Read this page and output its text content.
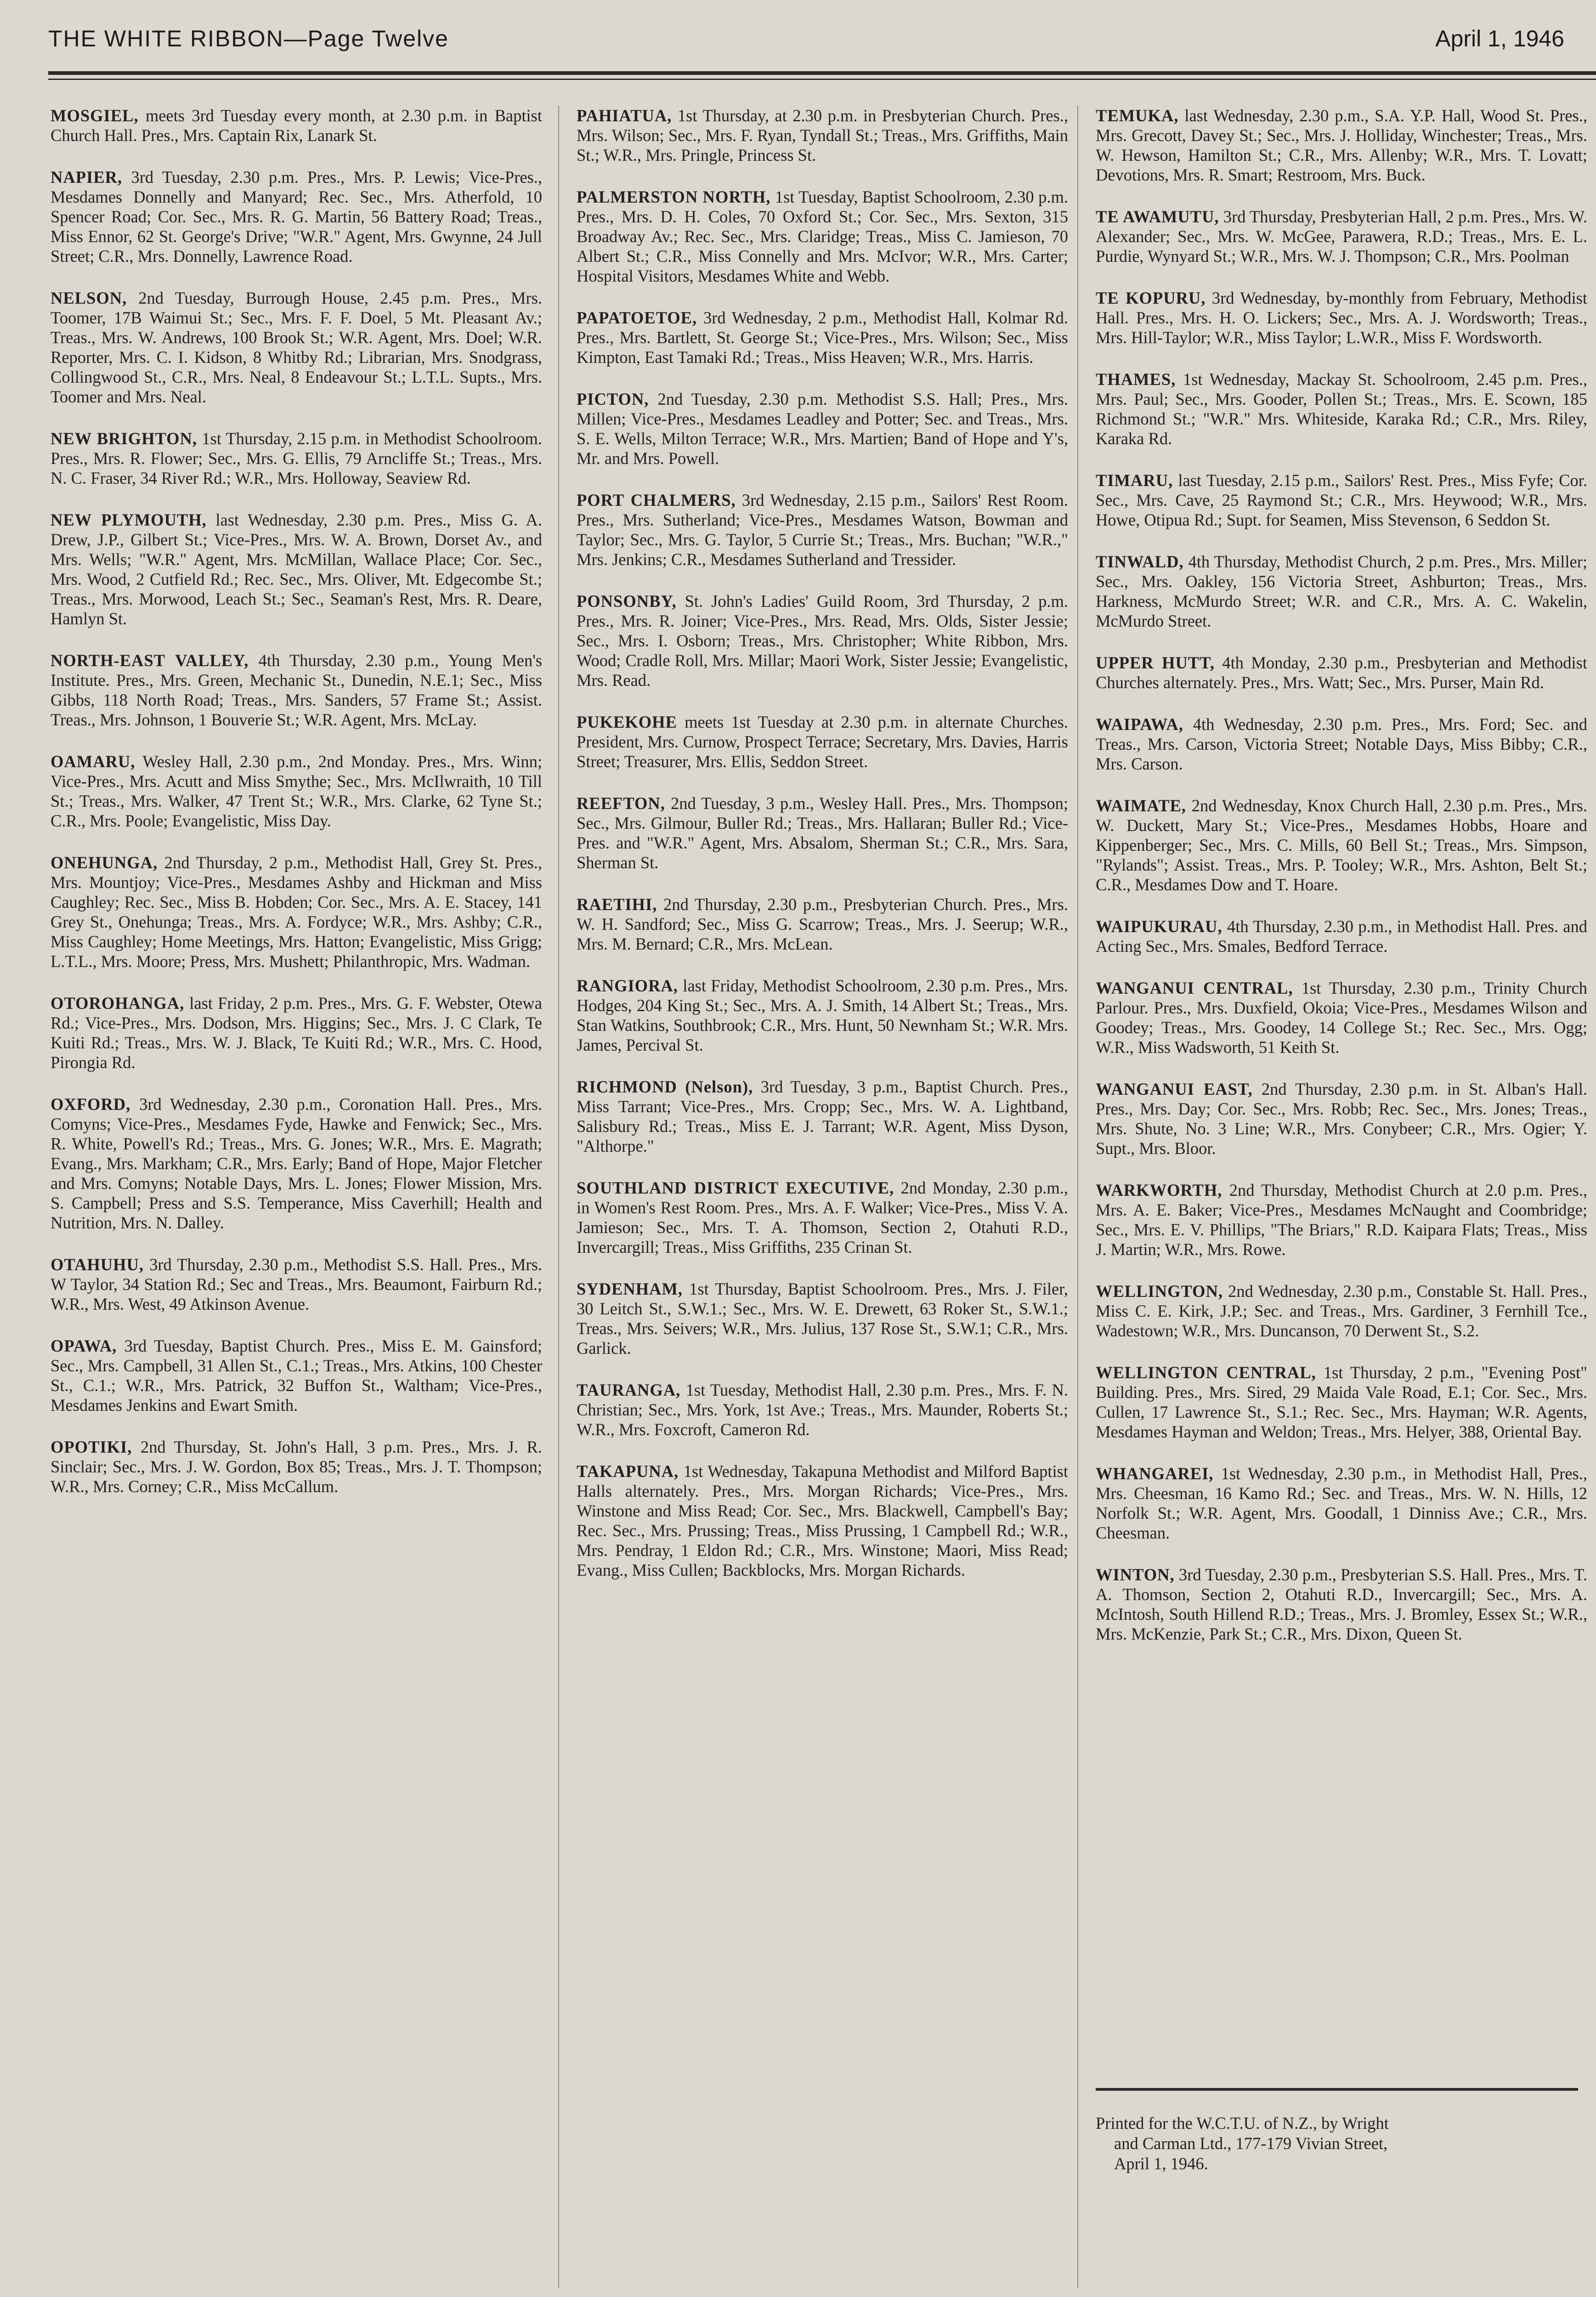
THE WHITE RIBBON—Page Twelve	April 1, 1946

MOSGIEL, meets 3rd Tuesday every month, at 2.30 p.m. in Baptist Church Hall. Pres., Mrs. Captain Rix, Lanark St.

NAPIER, 3rd Tuesday, 2.30 p.m. Pres., Mrs. P. Lewis; Vice-Pres., Mesdames Donnelly and Manyard; Rec. Sec., Mrs. Atherfold, 10 Spencer Road; Cor. Sec., Mrs. R. G. Martin, 56 Battery Road; Treas., Miss Ennor, 62 St. George's Drive; "W.R." Agent, Mrs. Gwynne, 24 Jull Street; C.R., Mrs. Donnelly, Lawrence Road.

NELSON, 2nd Tuesday, Burrough House, 2.45 p.m. Pres., Mrs. Toomer, 17B Waimui St.; Sec., Mrs. F. F. Doel, 5 Mt. Pleasant Av.; Treas., Mrs. W. Andrews, 100 Brook St.; W.R. Agent, Mrs. Doel; W.R. Reporter, Mrs. C. I. Kidson, 8 Whitby Rd.; Librarian, Mrs. Snodgrass, Collingwood St., C.R., Mrs. Neal, 8 Endeavour St.; L.T.L. Supts., Mrs. Toomer and Mrs. Neal.

NEW BRIGHTON, 1st Thursday, 2.15 p.m. in Methodist Schoolroom. Pres., Mrs. R. Flower; Sec., Mrs. G. Ellis, 79 Arncliffe St.; Treas., Mrs. N. C. Fraser, 34 River Rd.; W.R., Mrs. Holloway, Seaview Rd.

NEW PLYMOUTH, last Wednesday, 2.30 p.m. Pres., Miss G. A. Drew, J.P., Gilbert St.; Vice-Pres., Mrs. W. A. Brown, Dorset Av., and Mrs. Wells; "W.R." Agent, Mrs. McMillan, Wallace Place; Cor. Sec., Mrs. Wood, 2 Cutfield Rd.; Rec. Sec., Mrs. Oliver, Mt. Edgecombe St.; Treas., Mrs. Morwood, Leach St.; Sec., Seaman's Rest, Mrs. R. Deare, Hamlyn St.

NORTH-EAST VALLEY, 4th Thursday, 2.30 p.m., Young Men's Institute. Pres., Mrs. Green, Mechanic St., Dunedin, N.E.1; Sec., Miss Gibbs, 118 North Road; Treas., Mrs. Sanders, 57 Frame St.; Assist. Treas., Mrs. Johnson, 1 Bouverie St.; W.R. Agent, Mrs. McLay.

OAMARU, Wesley Hall, 2.30 p.m., 2nd Monday. Pres., Mrs. Winn; Vice-Pres., Mrs. Acutt and Miss Smythe; Sec., Mrs. McIlwraith, 10 Till St.; Treas., Mrs. Walker, 47 Trent St.; W.R., Mrs. Clarke, 62 Tyne St.; C.R., Mrs. Poole; Evangelistic, Miss Day.

ONEHUNGA, 2nd Thursday, 2 p.m., Methodist Hall, Grey St. Pres., Mrs. Mountjoy; Vice-Pres., Mesdames Ashby and Hickman and Miss Caughley; Rec. Sec., Miss B. Hobden; Cor. Sec., Mrs. A. E. Stacey, 141 Grey St., Onehunga; Treas., Mrs. A. Fordyce; W.R., Mrs. Ashby; C.R., Miss Caughley; Home Meetings, Mrs. Hatton; Evangelistic, Miss Grigg; L.T.L., Mrs. Moore; Press, Mrs. Mushett; Philanthropic, Mrs. Wadman.

OTOROHANGA, last Friday, 2 p.m. Pres., Mrs. G. F. Webster, Otewa Rd.; Vice-Pres., Mrs. Dodson, Mrs. Higgins; Sec., Mrs. J. C Clark, Te Kuiti Rd.; Treas., Mrs. W. J. Black, Te Kuiti Rd.; W.R., Mrs. C. Hood, Pirongia Rd.

OXFORD, 3rd Wednesday, 2.30 p.m., Coronation Hall. Pres., Mrs. Comyns; Vice-Pres., Mesdames Fyde, Hawke and Fenwick; Sec., Mrs. R. White, Powell's Rd.; Treas., Mrs. G. Jones; W.R., Mrs. E. Magrath; Evang., Mrs. Markham; C.R., Mrs. Early; Band of Hope, Major Fletcher and Mrs. Comyns; Notable Days, Mrs. L. Jones; Flower Mission, Mrs. S. Campbell; Press and S.S. Temperance, Miss Caverhill; Health and Nutrition, Mrs. N. Dalley.

OTAHUHU, 3rd Thursday, 2.30 p.m., Methodist S.S. Hall. Pres., Mrs. W Taylor, 34 Station Rd.; Sec and Treas., Mrs. Beaumont, Fairburn Rd.; W.R., Mrs. West, 49 Atkinson Avenue.

OPAWA, 3rd Tuesday, Baptist Church. Pres., Miss E. M. Gainsford; Sec., Mrs. Campbell, 31 Allen St., C.1.; Treas., Mrs. Atkins, 100 Chester St., C.1.; W.R., Mrs. Patrick, 32 Buffon St., Waltham; Vice-Pres., Mesdames Jenkins and Ewart Smith.

OPOTIKI, 2nd Thursday, St. John's Hall, 3 p.m. Pres., Mrs. J. R. Sinclair; Sec., Mrs. J. W. Gordon, Box 85; Treas., Mrs. J. T. Thompson; W.R., Mrs. Corney; C.R., Miss McCallum.

PAHIATUA, 1st Thursday, at 2.30 p.m. in Presbyterian Church. Pres., Mrs. Wilson; Sec., Mrs. F. Ryan, Tyndall St.; Treas., Mrs. Griffiths, Main St.; W.R., Mrs. Pringle, Princess St.

PALMERSTON NORTH, 1st Tuesday, Baptist Schoolroom, 2.30 p.m. Pres., Mrs. D. H. Coles, 70 Oxford St.; Cor. Sec., Mrs. Sexton, 315 Broadway Av.; Rec. Sec., Mrs. Claridge; Treas., Miss C. Jamieson, 70 Albert St.; C.R., Miss Connelly and Mrs. McIvor; W.R., Mrs. Carter; Hospital Visitors, Mesdames White and Webb.

PAPATOETOE, 3rd Wednesday, 2 p.m., Methodist Hall, Kolmar Rd. Pres., Mrs. Bartlett, St. George St.; Vice-Pres., Mrs. Wilson; Sec., Miss Kimpton, East Tamaki Rd.; Treas., Miss Heaven; W.R., Mrs. Harris.

PICTON, 2nd Tuesday, 2.30 p.m. Methodist S.S. Hall; Pres., Mrs. Millen; Vice-Pres., Mesdames Leadley and Potter; Sec. and Treas., Mrs. S. E. Wells, Milton Terrace; W.R., Mrs. Martien; Band of Hope and Y's, Mr. and Mrs. Powell.

PORT CHALMERS, 3rd Wednesday, 2.15 p.m., Sailors' Rest Room. Pres., Mrs. Sutherland; Vice-Pres., Mesdames Watson, Bowman and Taylor; Sec., Mrs. G. Taylor, 5 Currie St.; Treas., Mrs. Buchan; "W.R.," Mrs. Jenkins; C.R., Mesdames Sutherland and Tressider.

PONSONBY, St. John's Ladies' Guild Room, 3rd Thursday, 2 p.m. Pres., Mrs. R. Joiner; Vice-Pres., Mrs. Read, Mrs. Olds, Sister Jessie; Sec., Mrs. I. Osborn; Treas., Mrs. Christopher; White Ribbon, Mrs. Wood; Cradle Roll, Mrs. Millar; Maori Work, Sister Jessie; Evangelistic, Mrs. Read.

PUKEKOHE meets 1st Tuesday at 2.30 p.m. in alternate Churches. President, Mrs. Curnow, Prospect Terrace; Secretary, Mrs. Davies, Harris Street; Treasurer, Mrs. Ellis, Seddon Street.

REEFTON, 2nd Tuesday, 3 p.m., Wesley Hall. Pres., Mrs. Thompson; Sec., Mrs. Gilmour, Buller Rd.; Treas., Mrs. Hallaran; Buller Rd.; Vice-Pres. and "W.R." Agent, Mrs. Absalom, Sherman St.; C.R., Mrs. Sara, Sherman St.

RAETIHI, 2nd Thursday, 2.30 p.m., Presbyterian Church. Pres., Mrs. W. H. Sandford; Sec., Miss G. Scarrow; Treas., Mrs. J. Seerup; W.R., Mrs. M. Bernard; C.R., Mrs. McLean.

RANGIORA, last Friday, Methodist Schoolroom, 2.30 p.m. Pres., Mrs. Hodges, 204 King St.; Sec., Mrs. A. J. Smith, 14 Albert St.; Treas., Mrs. Stan Watkins, Southbrook; C.R., Mrs. Hunt, 50 Newnham St.; W.R. Mrs. James, Percival St.

RICHMOND (Nelson), 3rd Tuesday, 3 p.m., Baptist Church. Pres., Miss Tarrant; Vice-Pres., Mrs. Cropp; Sec., Mrs. W. A. Lightband, Salisbury Rd.; Treas., Miss E. J. Tarrant; W.R. Agent, Miss Dyson, "Althorpe."

SOUTHLAND DISTRICT EXECUTIVE, 2nd Monday, 2.30 p.m., in Women's Rest Room. Pres., Mrs. A. F. Walker; Vice-Pres., Miss V. A. Jamieson; Sec., Mrs. T. A. Thomson, Section 2, Otahuti R.D., Invercargill; Treas., Miss Griffiths, 235 Crinan St.

SYDENHAM, 1st Thursday, Baptist Schoolroom. Pres., Mrs. J. Filer, 30 Leitch St., S.W.1.; Sec., Mrs. W. E. Drewett, 63 Roker St., S.W.1.; Treas., Mrs. Seivers; W.R., Mrs. Julius, 137 Rose St., S.W.1; C.R., Mrs. Garlick.

TAURANGA, 1st Tuesday, Methodist Hall, 2.30 p.m. Pres., Mrs. F. N. Christian; Sec., Mrs. York, 1st Ave.; Treas., Mrs. Maunder, Roberts St.; W.R., Mrs. Foxcroft, Cameron Rd.

TAKAPUNA, 1st Wednesday, Takapuna Methodist and Milford Baptist Halls alternately. Pres., Mrs. Morgan Richards; Vice-Pres., Mrs. Winstone and Miss Read; Cor. Sec., Mrs. Blackwell, Campbell's Bay; Rec. Sec., Mrs. Prussing; Treas., Miss Prussing, 1 Campbell Rd.; W.R., Mrs. Pendray, 1 Eldon Rd.; C.R., Mrs. Winstone; Maori, Miss Read; Evang., Miss Cullen; Backblocks, Mrs. Morgan Richards.

TEMUKA, last Wednesday, 2.30 p.m., S.A. Y.P. Hall, Wood St. Pres., Mrs. Grecott, Davey St.; Sec., Mrs. J. Holliday, Winchester; Treas., Mrs. W. Hewson, Hamilton St.; C.R., Mrs. Allenby; W.R., Mrs. T. Lovatt; Devotions, Mrs. R. Smart; Restroom, Mrs. Buck.

TE AWAMUTU, 3rd Thursday, Presbyterian Hall, 2 p.m. Pres., Mrs. W. Alexander; Sec., Mrs. W. McGee, Parawera, R.D.; Treas., Mrs. E. L. Purdie, Wynyard St.; W.R., Mrs. W. J. Thompson; C.R., Mrs. Poolman

TE KOPURU, 3rd Wednesday, by-monthly from February, Methodist Hall. Pres., Mrs. H. O. Lickers; Sec., Mrs. A. J. Wordsworth; Treas., Mrs. Hill-Taylor; W.R., Miss Taylor; L.W.R., Miss F. Wordsworth.

THAMES, 1st Wednesday, Mackay St. Schoolroom, 2.45 p.m. Pres., Mrs. Paul; Sec., Mrs. Gooder, Pollen St.; Treas., Mrs. E. Scown, 185 Richmond St.; "W.R." Mrs. Whiteside, Karaka Rd.; C.R., Mrs. Riley, Karaka Rd.

TIMARU, last Tuesday, 2.15 p.m., Sailors' Rest. Pres., Miss Fyfe; Cor. Sec., Mrs. Cave, 25 Raymond St.; C.R., Mrs. Heywood; W.R., Mrs. Howe, Otipua Rd.; Supt. for Seamen, Miss Stevenson, 6 Seddon St.

TINWALD, 4th Thursday, Methodist Church, 2 p.m. Pres., Mrs. Miller; Sec., Mrs. Oakley, 156 Victoria Street, Ashburton; Treas., Mrs. Harkness, McMurdo Street; W.R. and C.R., Mrs. A. C. Wakelin, McMurdo Street.

UPPER HUTT, 4th Monday, 2.30 p.m., Presbyterian and Methodist Churches alternately. Pres., Mrs. Watt; Sec., Mrs. Purser, Main Rd.

WAIPAWA, 4th Wednesday, 2.30 p.m. Pres., Mrs. Ford; Sec. and Treas., Mrs. Carson, Victoria Street; Notable Days, Miss Bibby; C.R., Mrs. Carson.

WAIMATE, 2nd Wednesday, Knox Church Hall, 2.30 p.m. Pres., Mrs. W. Duckett, Mary St.; Vice-Pres., Mesdames Hobbs, Hoare and Kippenberger; Sec., Mrs. C. Mills, 60 Bell St.; Treas., Mrs. Simpson, "Rylands"; Assist. Treas., Mrs. P. Tooley; W.R., Mrs. Ashton, Belt St.; C.R., Mesdames Dow and T. Hoare.

WAIPUKURAU, 4th Thursday, 2.30 p.m., in Methodist Hall. Pres. and Acting Sec., Mrs. Smales, Bedford Terrace.

WANGANUI CENTRAL, 1st Thursday, 2.30 p.m., Trinity Church Parlour. Pres., Mrs. Duxfield, Okoia; Vice-Pres., Mesdames Wilson and Goodey; Treas., Mrs. Goodey, 14 College St.; Rec. Sec., Mrs. Ogg; W.R., Miss Wadsworth, 51 Keith St.

WANGANUI EAST, 2nd Thursday, 2.30 p.m. in St. Alban's Hall. Pres., Mrs. Day; Cor. Sec., Mrs. Robb; Rec. Sec., Mrs. Jones; Treas., Mrs. Shute, No. 3 Line; W.R., Mrs. Conybeer; C.R., Mrs. Ogier; Y. Supt., Mrs. Bloor.

WARKWORTH, 2nd Thursday, Methodist Church at 2.0 p.m. Pres., Mrs. A. E. Baker; Vice-Pres., Mesdames McNaught and Coombridge; Sec., Mrs. E. V. Phillips, "The Briars," R.D. Kaipara Flats; Treas., Miss J. Martin; W.R., Mrs. Rowe.

WELLINGTON, 2nd Wednesday, 2.30 p.m., Constable St. Hall. Pres., Miss C. E. Kirk, J.P.; Sec. and Treas., Mrs. Gardiner, 3 Fernhill Tce., Wadestown; W.R., Mrs. Duncanson, 70 Derwent St., S.2.

WELLINGTON CENTRAL, 1st Thursday, 2 p.m., "Evening Post" Building. Pres., Mrs. Sired, 29 Maida Vale Road, E.1; Cor. Sec., Mrs. Cullen, 17 Lawrence St., S.1.; Rec. Sec., Mrs. Hayman; W.R. Agents, Mesdames Hayman and Weldon; Treas., Mrs. Helyer, 388, Oriental Bay.

WHANGAREI, 1st Wednesday, 2.30 p.m., in Methodist Hall, Pres., Mrs. Cheesman, 16 Kamo Rd.; Sec. and Treas., Mrs. W. N. Hills, 12 Norfolk St.; W.R. Agent, Mrs. Goodall, 1 Dinniss Ave.; C.R., Mrs. Cheesman.

WINTON, 3rd Tuesday, 2.30 p.m., Presbyterian S.S. Hall. Pres., Mrs. T. A. Thomson, Section 2, Otahuti R.D., Invercargill; Sec., Mrs. A. McIntosh, South Hillend R.D.; Treas., Mrs. J. Bromley, Essex St.; W.R., Mrs. McKenzie, Park St.; C.R., Mrs. Dixon, Queen St.

Printed for the W.C.T.U. of N.Z., by Wright
and Carman Ltd., 177-179 Vivian Street,
April 1, 1946.
